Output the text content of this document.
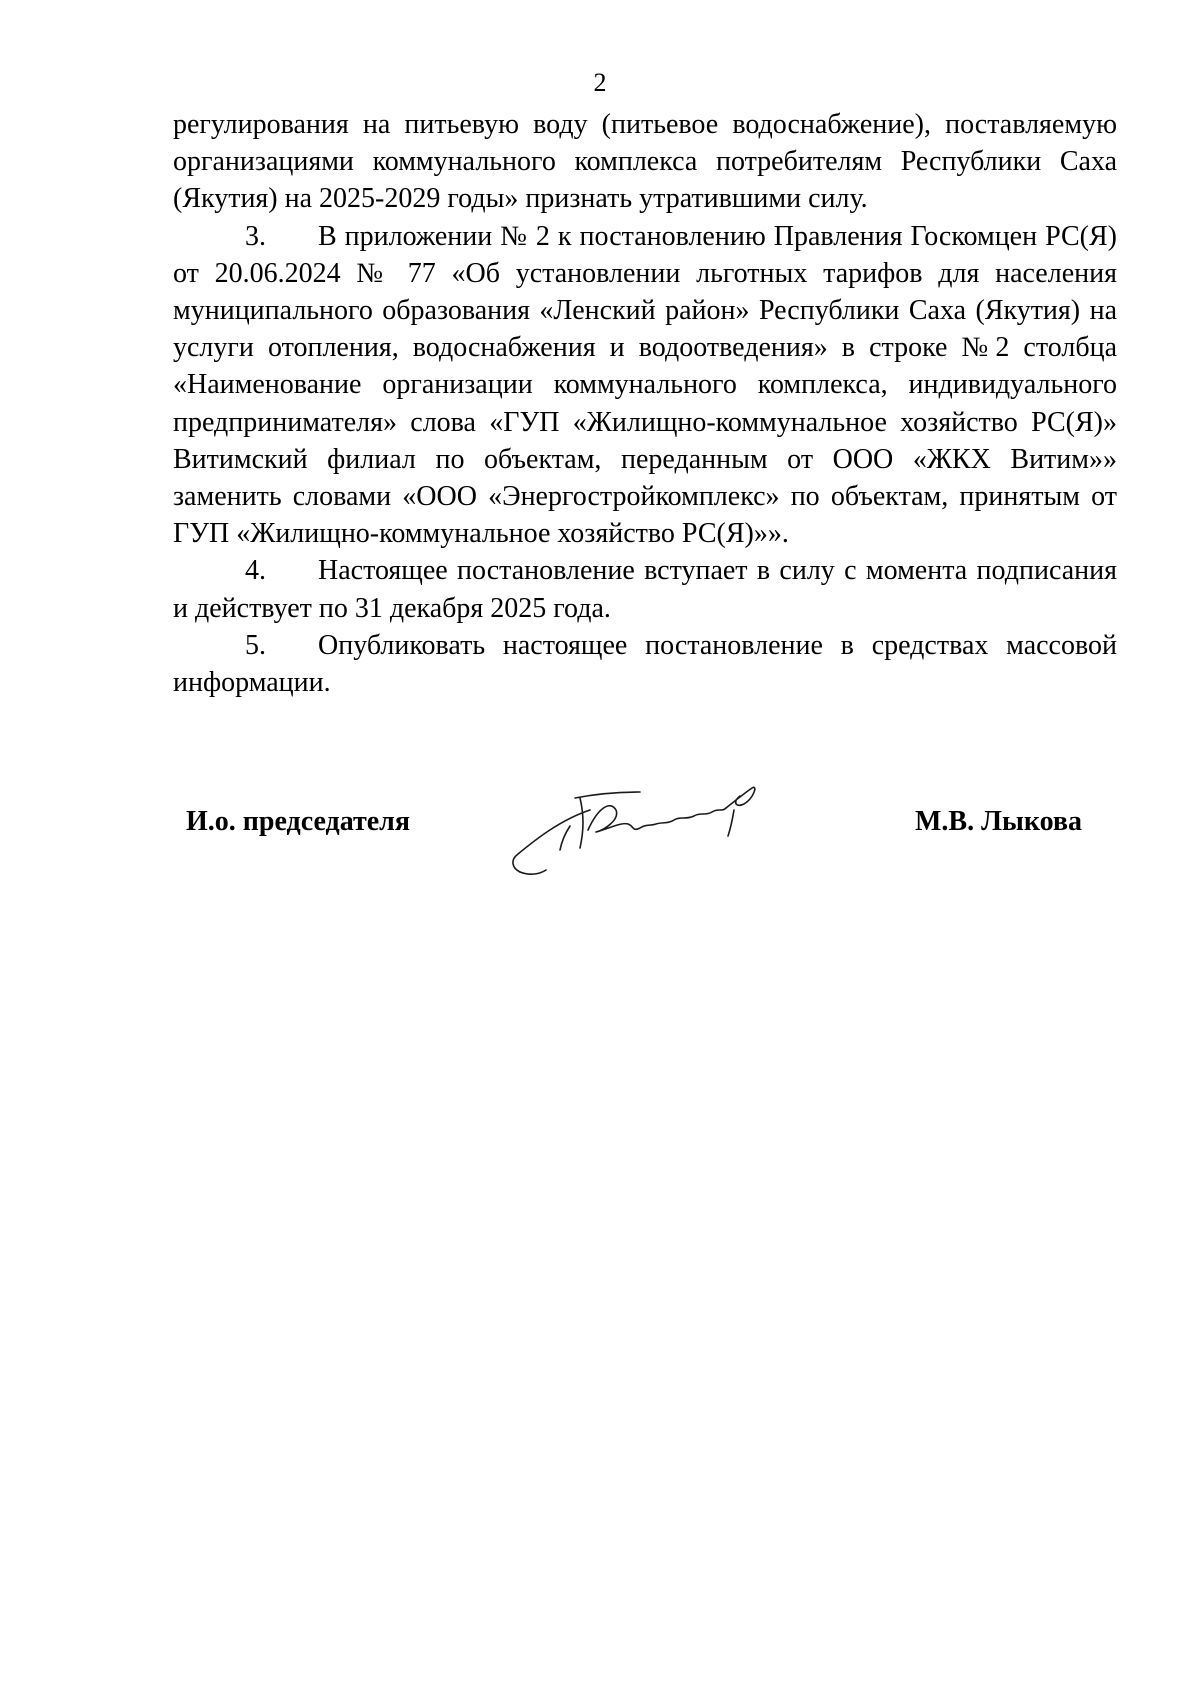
2

регулирования на питьевую воду (питьевое водоснабжение), поставляемую организациями коммунального комплекса потребителям Республики Саха (Якутия) на 2025-2029 годы» признать утратившими силу.

3. В приложении № 2 к постановлению Правления Госкомцен РС(Я) от 20.06.2024 № 77 «Об установлении льготных тарифов для населения муниципального образования «Ленский район» Республики Саха (Якутия) на услуги отопления, водоснабжения и водоотведения» в строке №2 столбца «Наименование организации коммунального комплекса, индивидуального предпринимателя» слова «ГУП «Жилищно-коммунальное хозяйство РС(Я)» Витимский филиал по объектам, переданным от ООО «ЖКХ Витим»» заменить словами «ООО «Энергостройкомплекс» по объектам, принятым от ГУП «Жилищно-коммунальное хозяйство РС(Я)»».

4. Настоящее постановление вступает в силу с момента подписания и действует по 31 декабря 2025 года.

5. Опубликовать настоящее постановление в средствах массовой информации.

И.о. председателя	М.В. Лыкова
